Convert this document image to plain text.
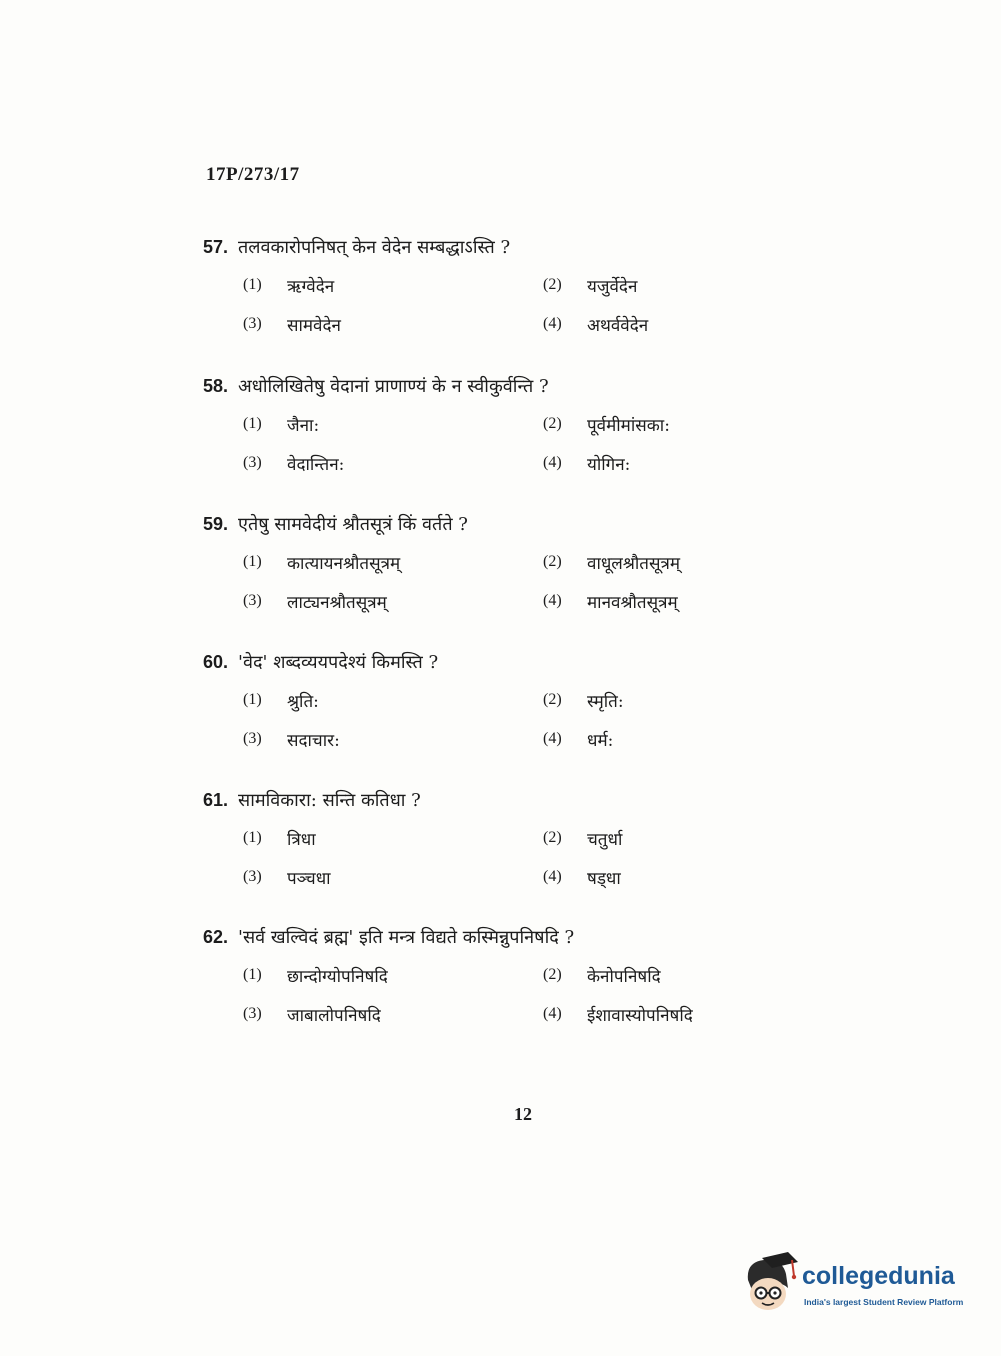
17P/273/17
57. तलवकारोपनिषत् केन वेदेन सम्बद्धाऽस्ति ?
(1)	ऋग्वेदेन	(2)	यजुर्वेदेन
(3)	सामवेदेन	(4)	अथर्ववेदेन
58. अधोलिखितेषु वेदानां प्राणाण्यं के न स्वीकुर्वन्ति ?
(1)	जैना:	(2)	पूर्वमीमांसका:
(3)	वेदान्तिन:	(4)	योगिन:
59. एतेषु सामवेदीयं श्रौतसूत्रं किं वर्तते ?
(1)	कात्यायनश्रौतसूत्रम्	(2)	वाधूलश्रौतसूत्रम्
(3)	लाट्यनश्रौतसूत्रम्	(4)	मानवश्रौतसूत्रम्
60. 'वेद' शब्दव्ययपदेश्यं किमस्ति ?
(1)	श्रुति:	(2)	स्मृति:
(3)	सदाचार:	(4)	धर्म:
61. सामविकारा: सन्ति कतिधा ?
(1)	त्रिधा	(2)	चतुर्धा
(3)	पञ्चधा	(4)	षड्धा
62. 'सर्व खल्विदं ब्रह्म' इति मन्त्र विद्यते कस्मिन्नुपनिषदि ?
(1)	छान्दोग्योपनिषदि	(2)	केनोपनिषदि
(3)	जाबालोपनिषदि	(4)	ईशावास्योपनिषदि
12
collegedunia
India's largest Student Review Platform
